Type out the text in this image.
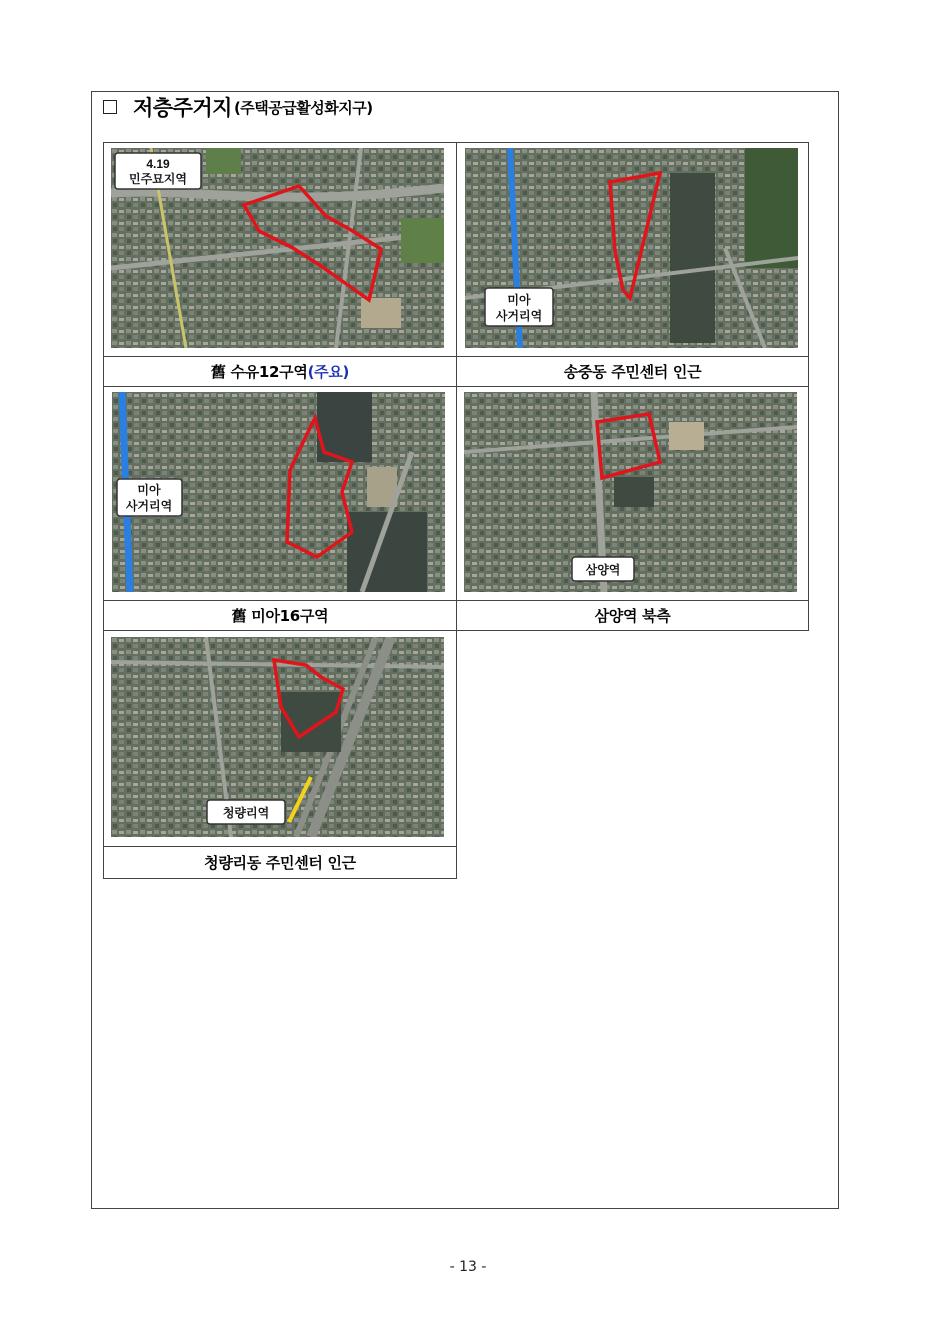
저층주거지 (주택공급활성화지구)
4.19
민주묘지역
舊 수유12구역 (주요)
미아
사거리역
송중동 주민센터 인근
미아
사거리역
舊 미아16구역
삼양역
삼양역 북측
청량리역
청량리동 주민센터 인근
- 13 -
